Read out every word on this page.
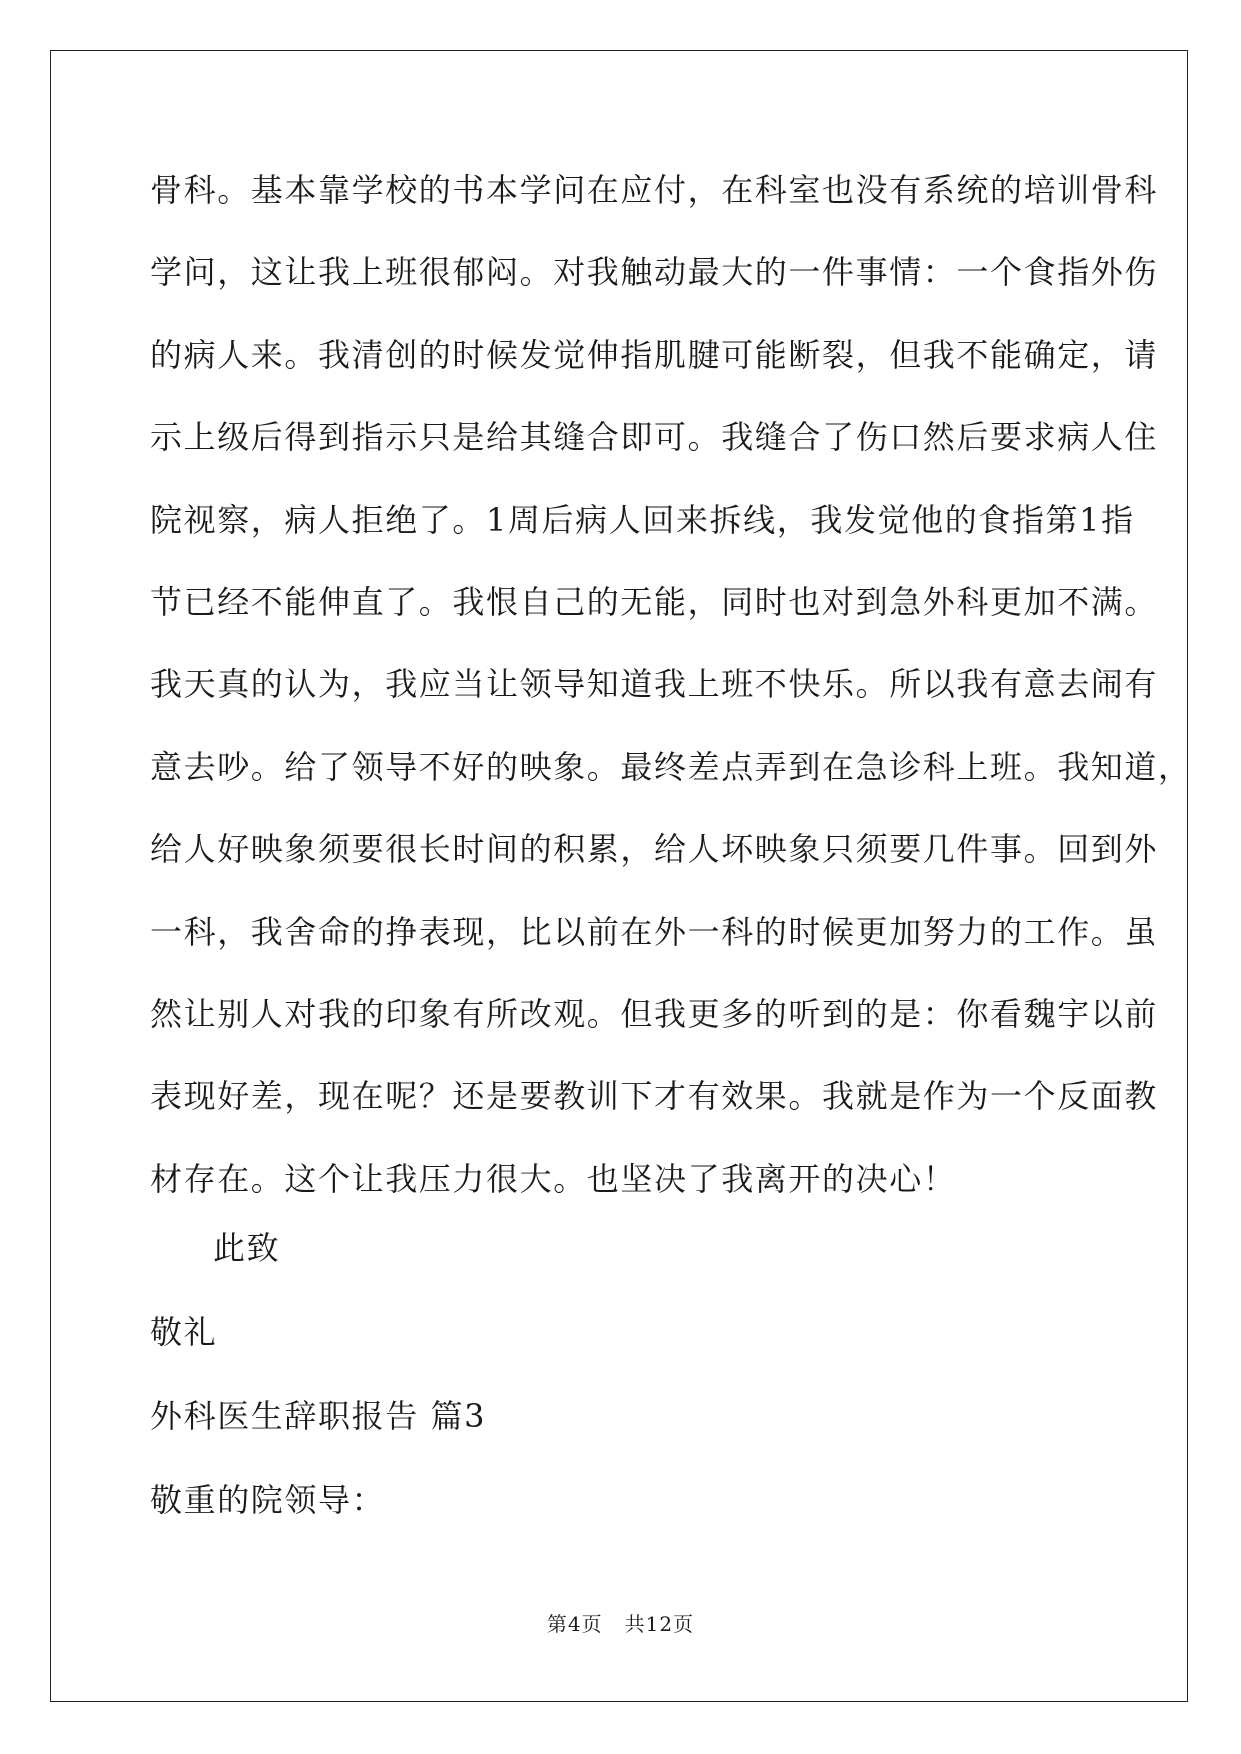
骨科。基本靠学校的书本学问在应付，在科室也没有系统的培训骨科
学问，这让我上班很郁闷。对我触动最大的一件事情：一个食指外伤
的病人来。我清创的时候发觉伸指肌腱可能断裂，但我不能确定，请
示上级后得到指示只是给其缝合即可。我缝合了伤口然后要求病人住
院视察，病人拒绝了。1周后病人回来拆线，我发觉他的食指第1指
节已经不能伸直了。我恨自己的无能，同时也对到急外科更加不满。
我天真的认为，我应当让领导知道我上班不快乐。所以我有意去闹有
意去吵。给了领导不好的映象。最终差点弄到在急诊科上班。我知道，
给人好映象须要很长时间的积累，给人坏映象只须要几件事。回到外
一科，我舍命的挣表现，比以前在外一科的时候更加努力的工作。虽
然让别人对我的印象有所改观。但我更多的听到的是：你看魏宇以前
表现好差，现在呢？还是要教训下才有效果。我就是作为一个反面教
材存在。这个让我压力很大。也坚决了我离开的决心！
此致
敬礼
外科医生辞职报告 篇3
敬重的院领导：
第4页 共12页
